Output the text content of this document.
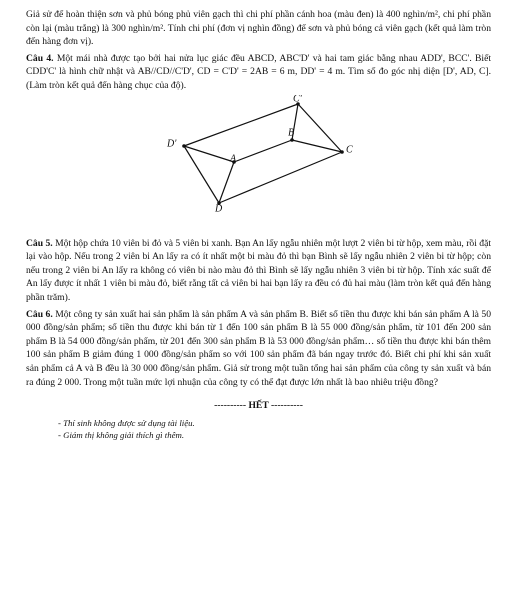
Giả sử để hoàn thiện sơn và phủ bóng phủ viên gạch thì chi phí phần cánh hoa (màu đen) là 400 nghìn/m², chi phí phần còn lại (màu trắng) là 300 nghìn/m². Tính chi phí (đơn vị nghìn đồng) để sơn và phủ bóng cả viên gạch (kết quả làm tròn đến hàng đơn vị).

Câu 4. Một mái nhà được tạo bởi hai nửa lục giác đều ABCD, ABC'D' và hai tam giác bằng nhau ADD', BCC'. Biết CDD'C' là hình chữ nhật và AB//CD//C'D', CD = C'D' = 2AB = 6 m, DD' = 4 m. Tìm số đo góc nhị diện [D', AD, C]. (Làm tròn kết quả đến hàng chục của độ).

C'
B
C
D'
A
D

Câu 5. Một hộp chứa 10 viên bi đỏ và 5 viên bi xanh. Bạn An lấy ngẫu nhiên một lượt 2 viên bi từ hộp, xem màu, rồi đặt lại vào hộp. Nếu trong 2 viên bi An lấy ra có ít nhất một bi màu đỏ thì bạn Bình sẽ lấy ngẫu nhiên 2 viên bi từ hộp; còn nếu trong 2 viên bi An lấy ra không có viên bi nào màu đỏ thì Bình sẽ lấy ngẫu nhiên 3 viên bi từ hộp. Tính xác suất để An lấy được ít nhất 1 viên bi màu đỏ, biết rằng tất cả viên bi hai bạn lấy ra đều có đủ hai màu (làm tròn kết quả đến hàng phần trăm).

Câu 6. Một công ty sản xuất hai sản phẩm là sản phẩm A và sản phẩm B. Biết số tiền thu được khi bán sản phẩm A là 50 000 đồng/sản phẩm; số tiền thu được khi bán từ 1 đến 100 sản phẩm B là 55 000 đồng/sản phẩm, từ 101 đến 200 sản phẩm B là 54 000 đồng/sản phẩm, từ 201 đến 300 sản phẩm B là 53 000 đồng/sản phẩm… số tiền thu được khi bán thêm 100 sản phẩm B giảm đúng 1 000 đồng/sản phẩm so với 100 sản phẩm đã bán ngay trước đó. Biết chi phí khi sản xuất sản phẩm cả A và B đều là 30 000 đồng/sản phẩm. Giả sử trong một tuần tổng hai sản phẩm của công ty sản xuất và bán ra đúng 2 000. Trong một tuần mức lợi nhuận của công ty có thể đạt được lớn nhất là bao nhiêu triệu đồng?

---------- HẾT ----------
- Thí sinh không được sử dụng tài liệu.
- Giám thị không giải thích gì thêm.
